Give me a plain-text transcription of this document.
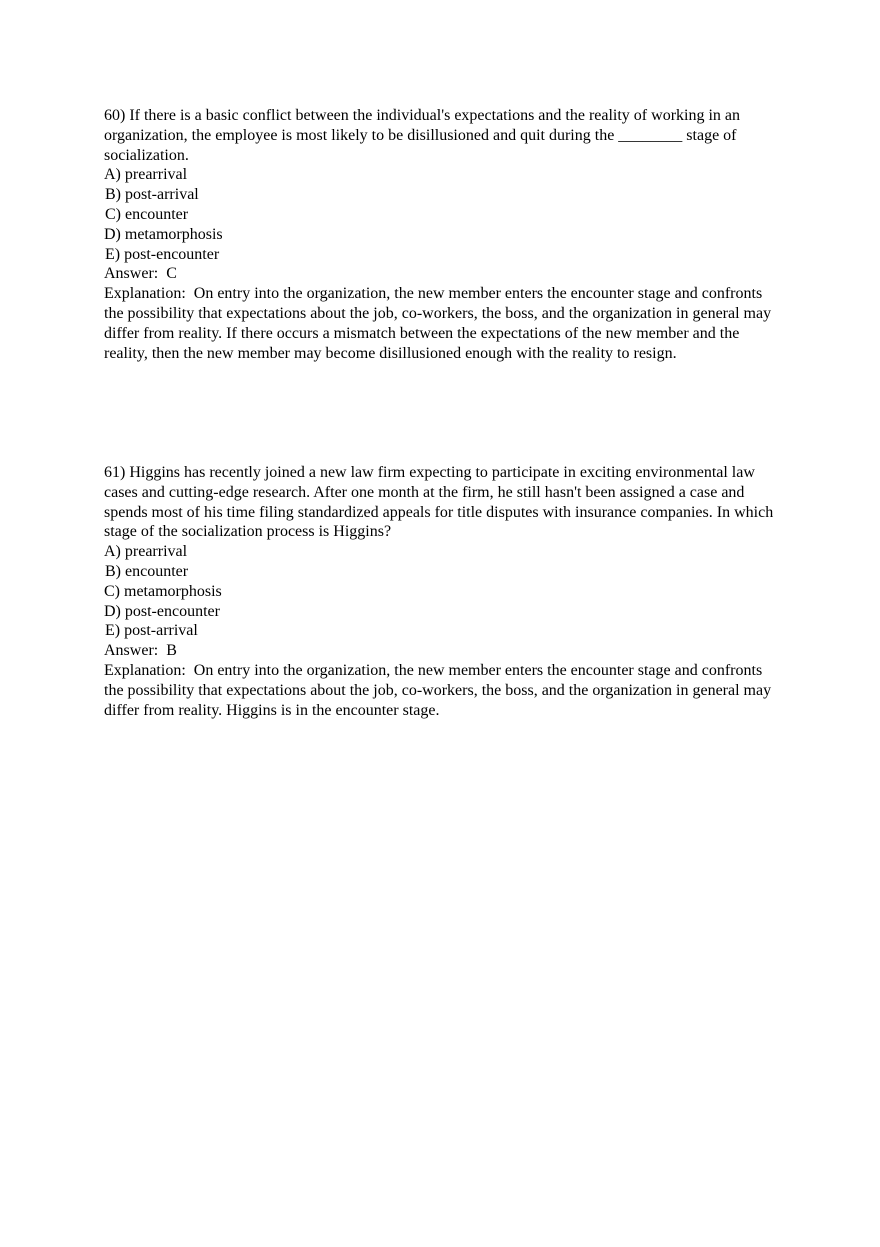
60) If there is a basic conflict between the individual's expectations and the reality of working in an organization, the employee is most likely to be disillusioned and quit during the ________ stage of socialization.

A) prearrival
B) post-arrival
C) encounter
D) metamorphosis
E) post-encounter

Answer:  C

Explanation:  On entry into the organization, the new member enters the encounter stage and confronts the possibility that expectations about the job, co-workers, the boss, and the organization in general may differ from reality. If there occurs a mismatch between the expectations of the new member and the reality, then the new member may become disillusioned enough with the reality to resign.

61) Higgins has recently joined a new law firm expecting to participate in exciting environmental law cases and cutting-edge research. After one month at the firm, he still hasn't been assigned a case and spends most of his time filing standardized appeals for title disputes with insurance companies. In which stage of the socialization process is Higgins?

A) prearrival
B) encounter
C) metamorphosis
D) post-encounter
E) post-arrival

Answer:  B

Explanation:  On entry into the organization, the new member enters the encounter stage and confronts the possibility that expectations about the job, co-workers, the boss, and the organization in general may differ from reality. Higgins is in the encounter stage.
